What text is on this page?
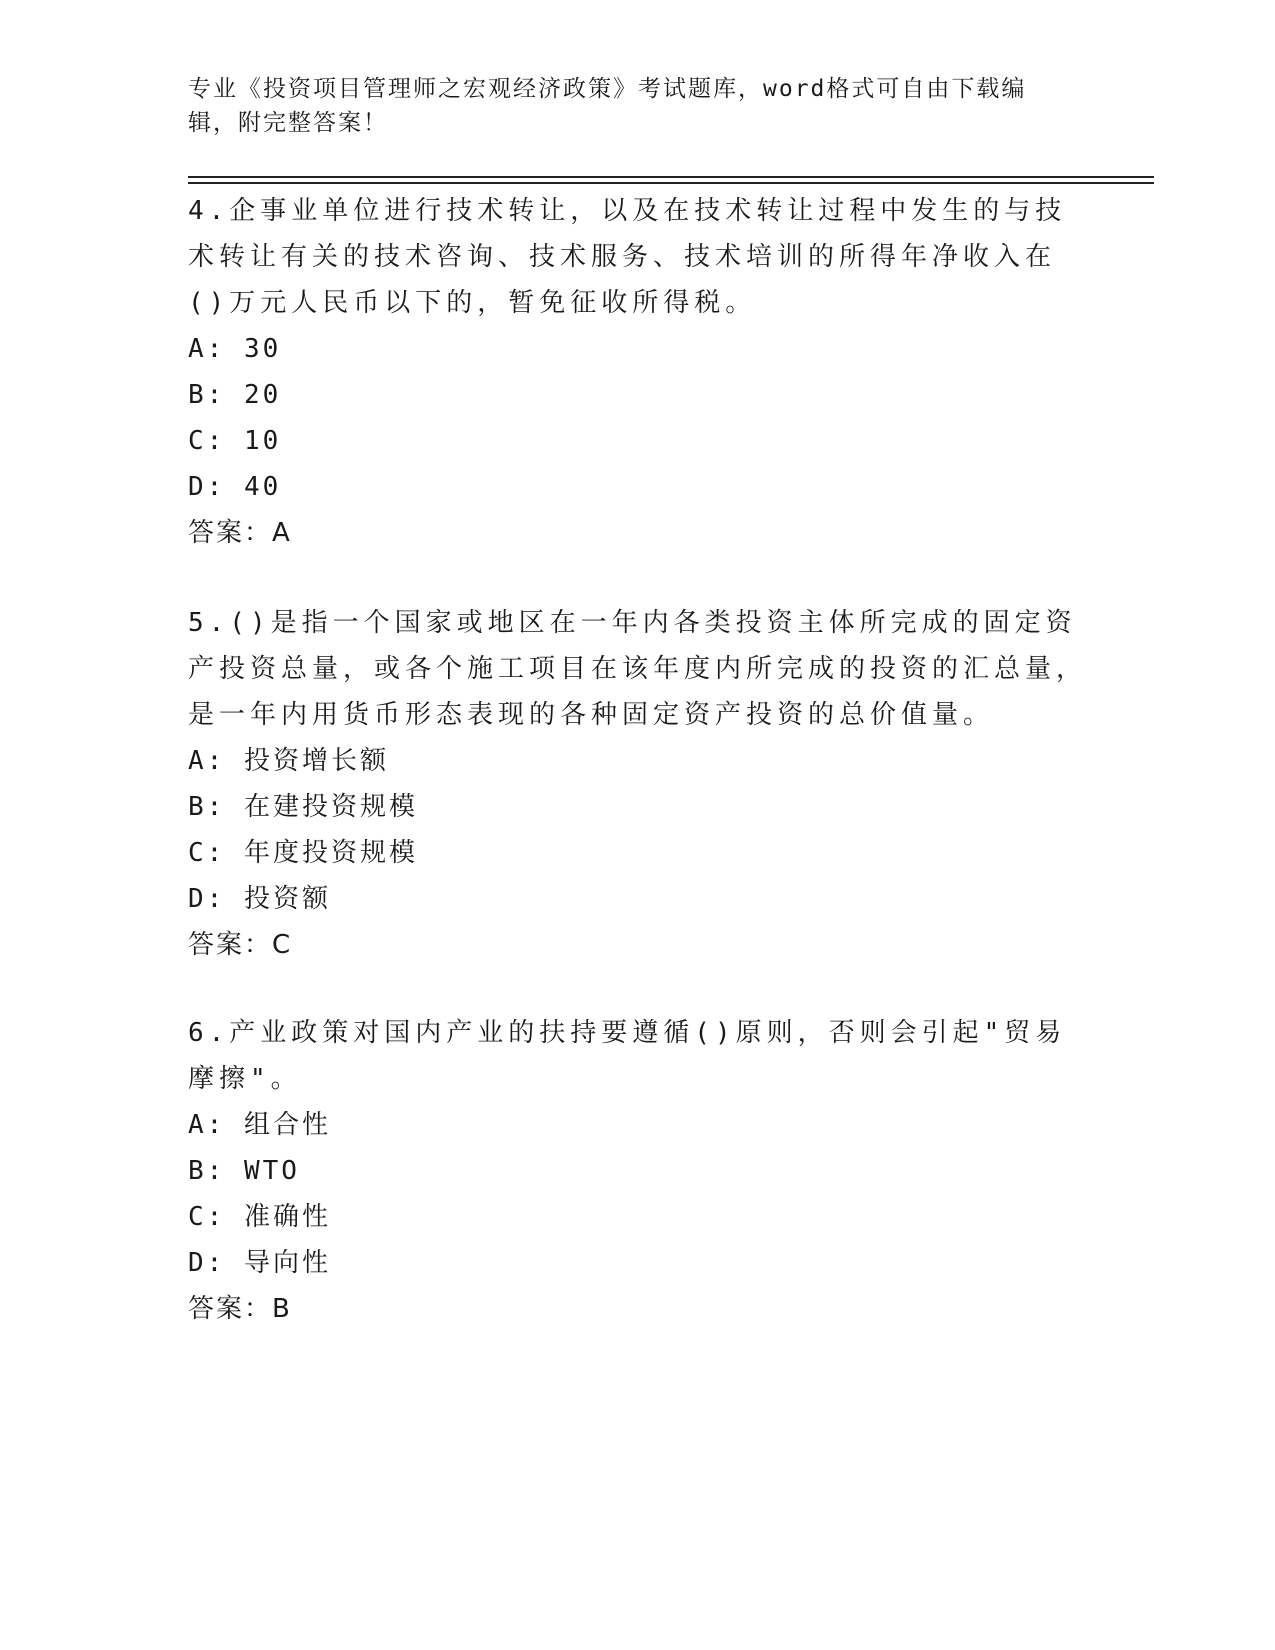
专业《投资项目管理师之宏观经济政策》考试题库，word格式可自由下载编辑，附完整答案！

4.企事业单位进行技术转让，以及在技术转让过程中发生的与技术转让有关的技术咨询、技术服务、技术培训的所得年净收入在()万元人民币以下的，暂免征收所得税。

A: 30

B: 20

C: 10

D: 40

答案：A

5.()是指一个国家或地区在一年内各类投资主体所完成的固定资产投资总量，或各个施工项目在该年度内所完成的投资的汇总量，是一年内用货币形态表现的各种固定资产投资的总价值量。

A: 投资增长额

B: 在建投资规模

C: 年度投资规模

D: 投资额

答案：C

6.产业政策对国内产业的扶持要遵循()原则，否则会引起"贸易摩擦"。

A: 组合性

B: WTO

C: 准确性

D: 导向性

答案：B
